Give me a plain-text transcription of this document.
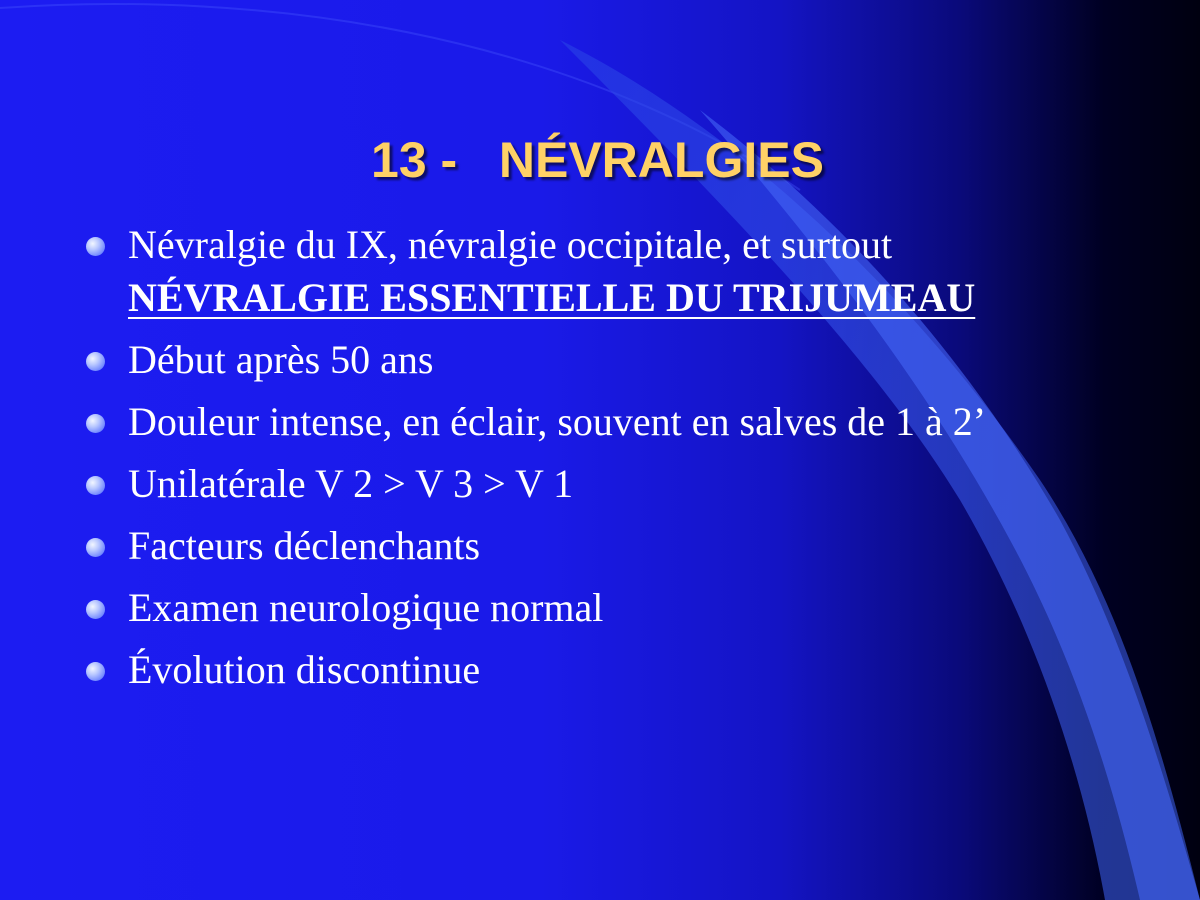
13 -   NÉVRALGIES
Névralgie du IX, névralgie occipitale, et surtout NÉVRALGIE ESSENTIELLE DU TRIJUMEAU
Début après 50 ans
Douleur intense, en éclair, souvent en salves de 1 à 2’
Unilatérale V 2 > V 3 > V 1
Facteurs déclenchants
Examen neurologique normal
Évolution discontinue
